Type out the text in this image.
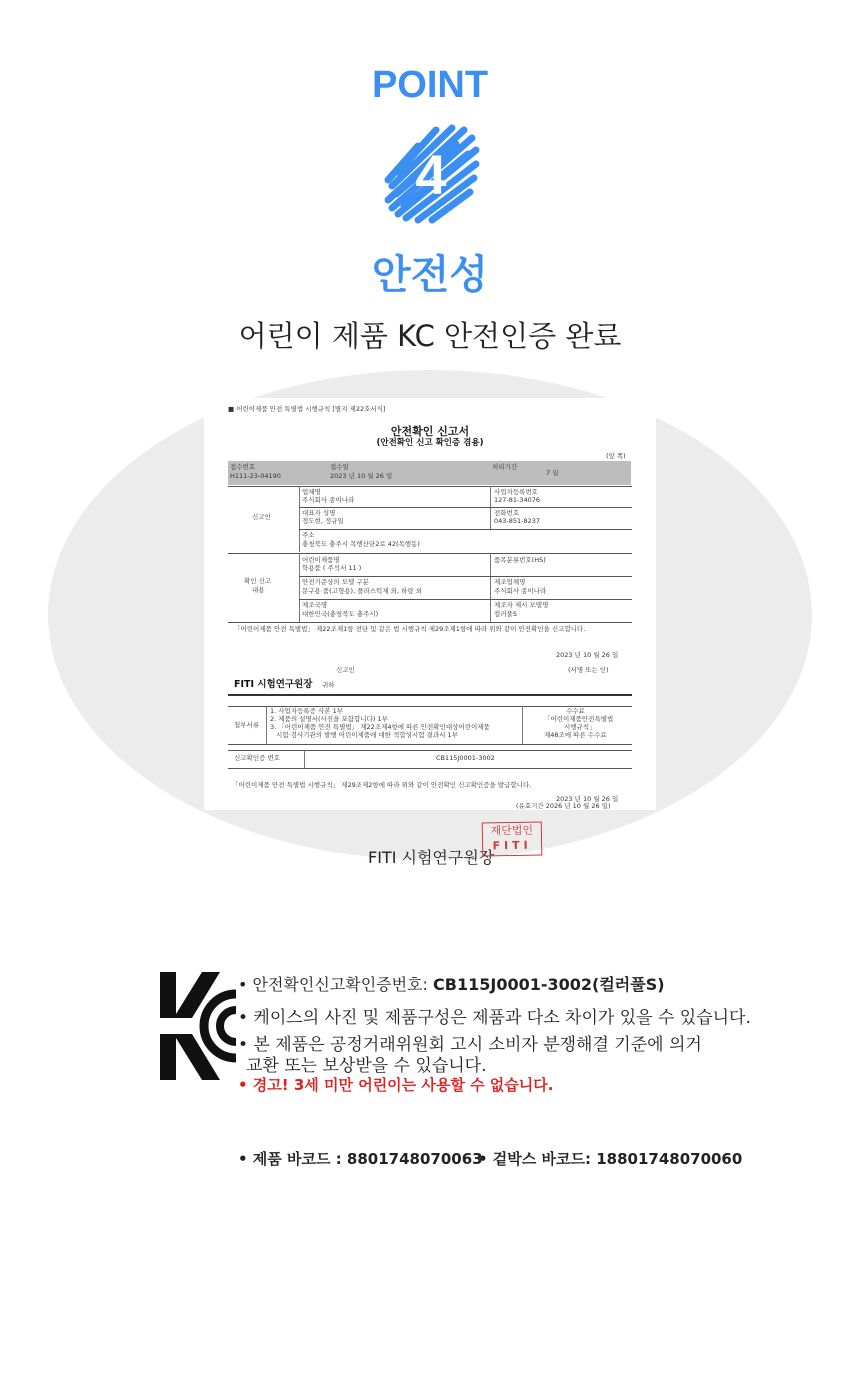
POINT
4
안전성
어린이 제품 KC 안전인증 완료
■ 어린이제품 안전 특별법 시행규칙 [별지 제22호서식]
안전확인 신고서
(안전확인 신고 확인증 겸용)
(앞 쪽)
접수번호
H111-23-04190
접수일
2023 년 10 월 26 일
처리기간
7 일
신고인
업체명
주식회사 종이나라
사업자등록번호
127-81-34076
대표자 성명
정도현, 정규일
전화번호
043-851-8237
주소
충청북도 충주시 목행산단2로 42(목행동)
확인 신고
내용
어린이제품명
학용품 ( 주석서 11 )
품목분류번호(HS)
안전기준상의 모델 구분
문구용 품(고형용), 플라스틱제 외, 하랑 외
제조업체명
주식회사 종이나라
제조국명
대한민국(충청북도 충주시)
제조자 제시 모델명
컬러풀S
「어린이제품 안전 특별법」 제22조제1항 전단 및 같은 법 시행규칙 제29조제1항에 따라 위와 같이 안전확인을 신고합니다.
2023 년 10 월 26 일
신고인	(서명 또는 인)
FITI 시험연구원장 귀하
첨부서류
1. 사업자등록증 사본 1부
2. 제품의 설명서(사진을 포함합니다) 1부
3. 「어린이제품 안전 특별법」 제22조제4항에 따른 안전확인대상어린이제품
시험·검사기관의 발행 어린이제품에 대한 적합성시험 결과서 1부
수수료
「어린이제품안전특별법
시행규칙」
제48조에 따른 수수료
신고확인증 번호	CB115J0001-3002
「어린이제품 안전 특별법 시행규칙」 제29조제2항에 따라 위와 같이 안전확인 신고확인증을 발급합니다.
2023 년 10 월 26 일
(유효기간 2026 년 10 월 26 일)
FITI 시험연구원장
재단법인
FITI
• 안전확인신고확인증번호: CB115J0001-3002(컬러풀S)
• 케이스의 사진 및 제품구성은 제품과 다소 차이가 있을 수 있습니다.
• 본 제품은 공정거래위원회 고시 소비자 분쟁해결 기준에 의거
교환 또는 보상받을 수 있습니다.
• 경고! 3세 미만 어린이는 사용할 수 없습니다.
• 제품 바코드 : 8801748070063
• 겉박스 바코드: 18801748070060
